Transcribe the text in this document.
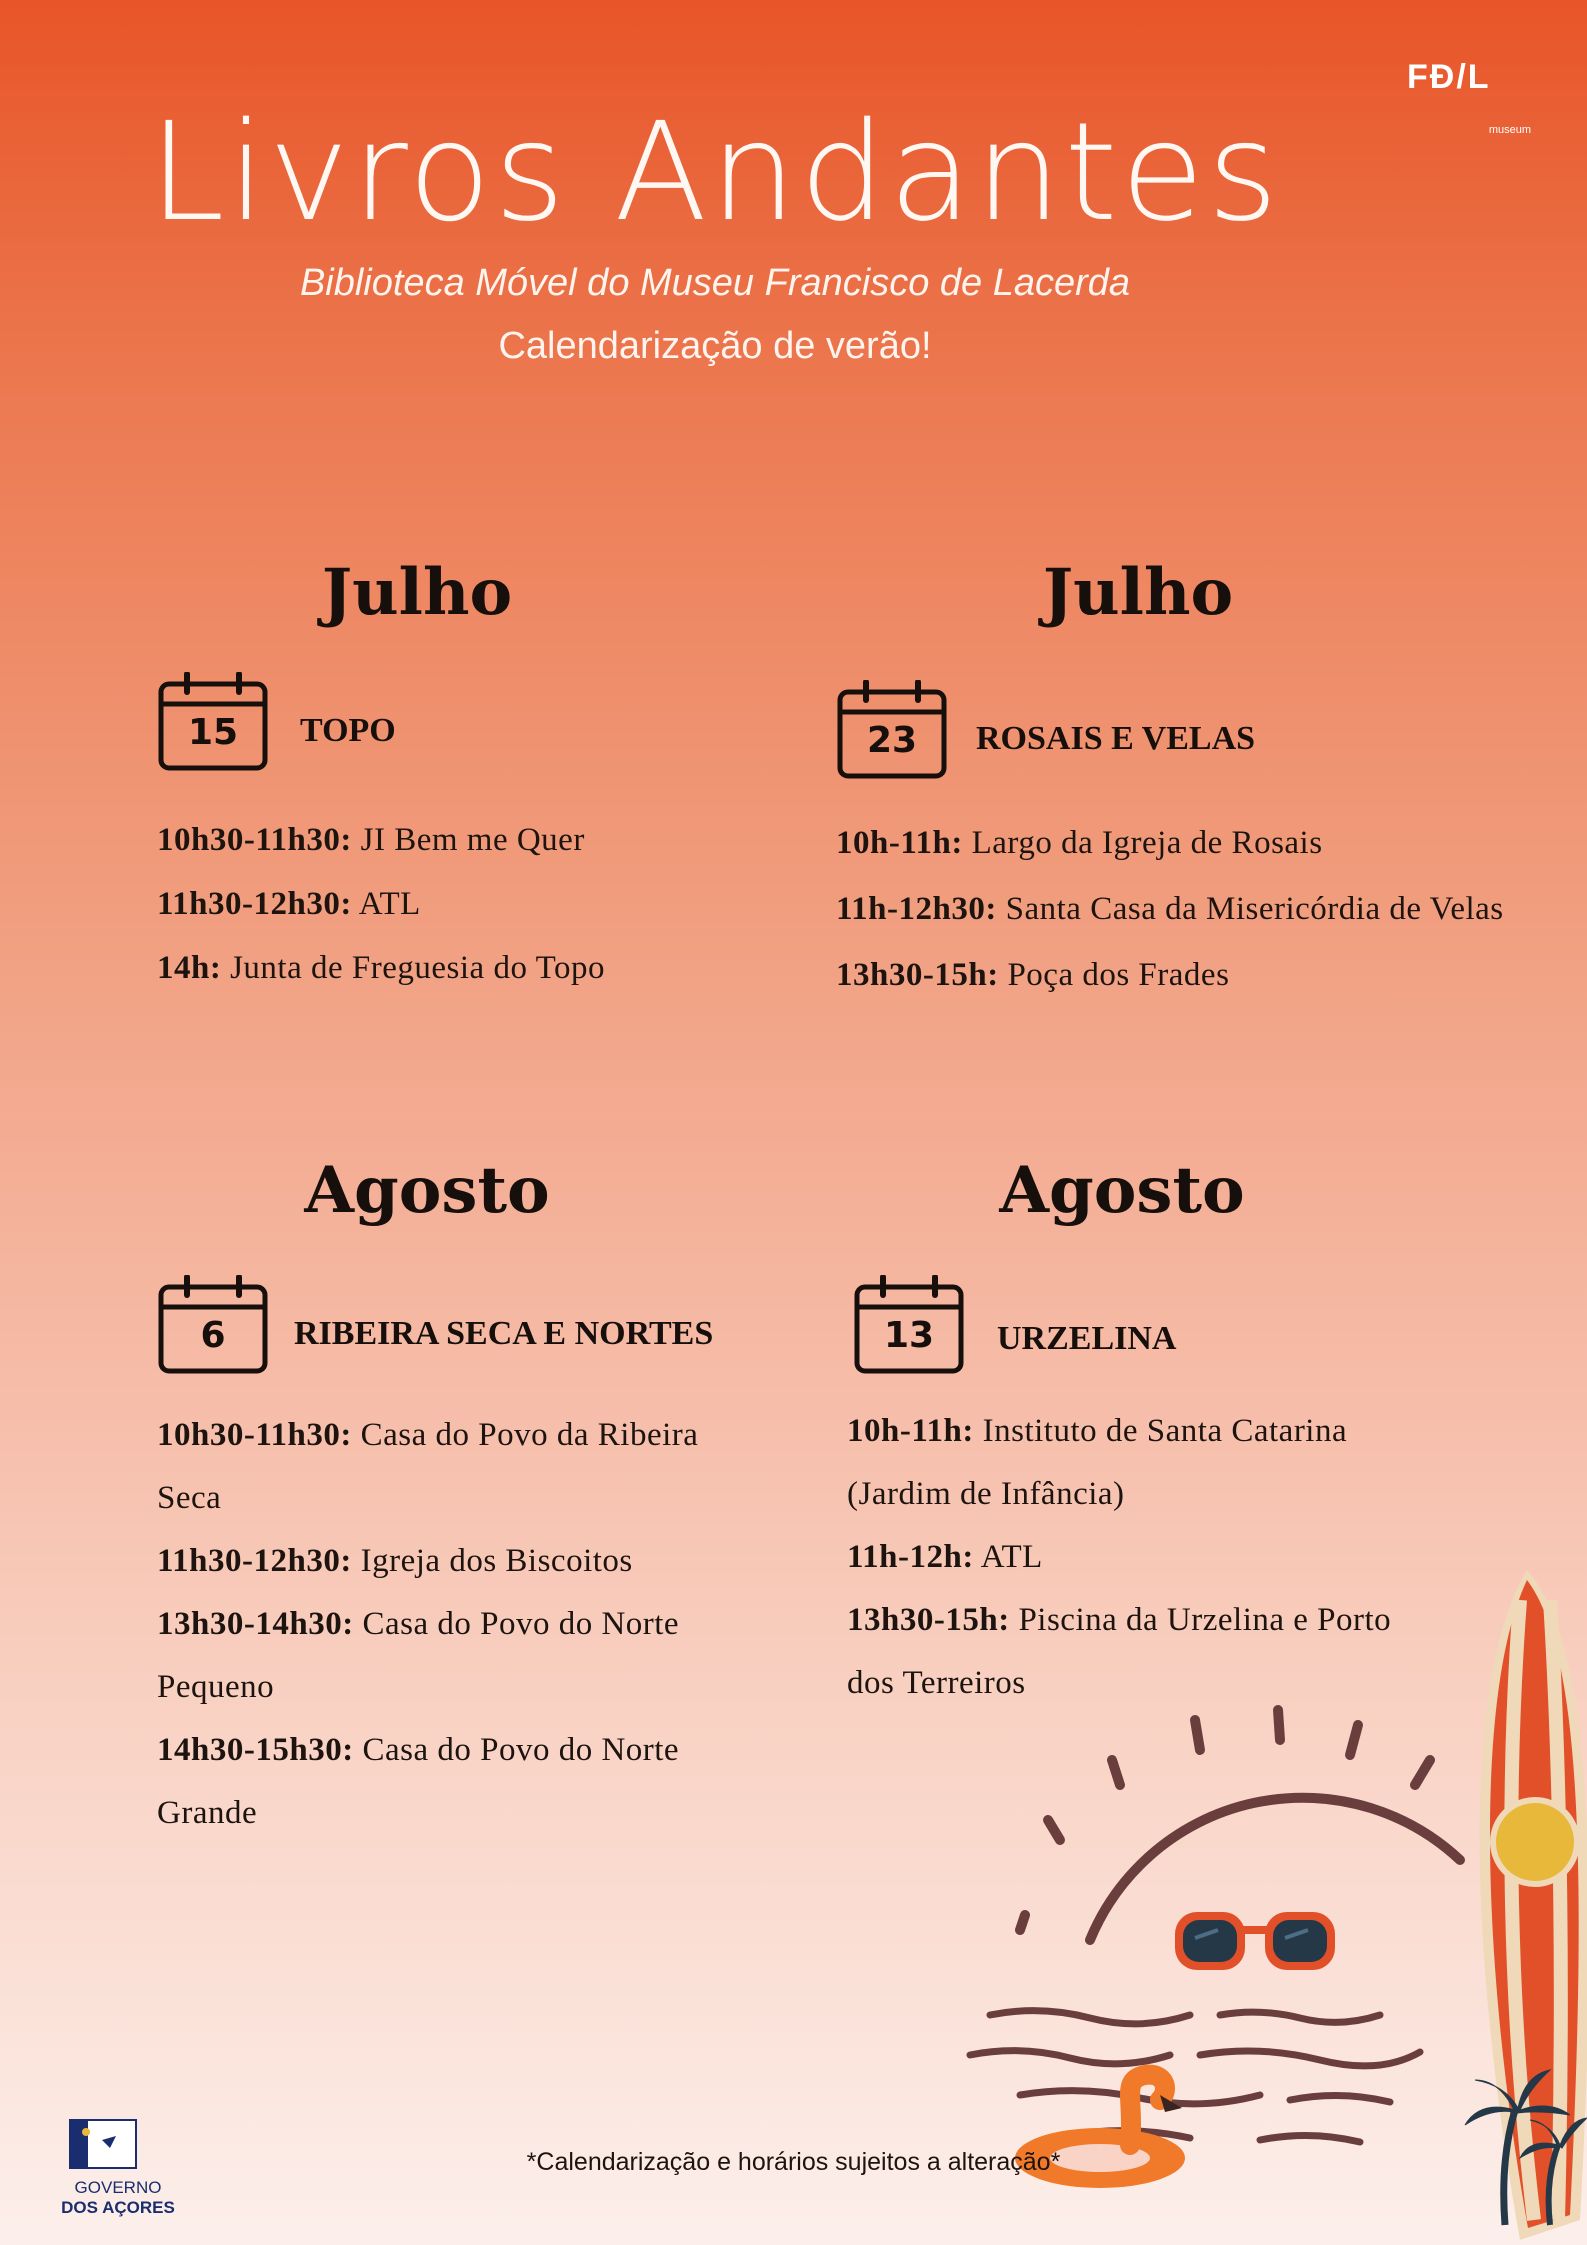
Livros Andantes
Biblioteca Móvel do Museu Francisco de Lacerda
Calendarização de verão!
FĐ/L
museum
Julho
15	TOPO

10h30-11h30: JI Bem me Quer

11h30-12h30: ATL

14h: Junta de Freguesia do Topo

Julho
23	ROSAIS E VELAS

10h-11h: Largo da Igreja de Rosais

11h-12h30: Santa Casa da Misericórdia de Velas

13h30-15h: Poça dos Frades

Agosto
6	RIBEIRA SECA E NORTES

10h30-11h30: Casa do Povo da Ribeira Seca

11h30-12h30: Igreja dos Biscoitos

13h30-14h30: Casa do Povo do Norte Pequeno

14h30-15h30: Casa do Povo do Norte Grande

Agosto
13	URZELINA

10h-11h: Instituto de Santa Catarina (Jardim de Infância)

11h-12h: ATL

13h30-15h: Piscina da Urzelina e Porto dos Terreiros

*Calendarização e horários sujeitos a alteração*
GOVERNO
DOS AÇORES
